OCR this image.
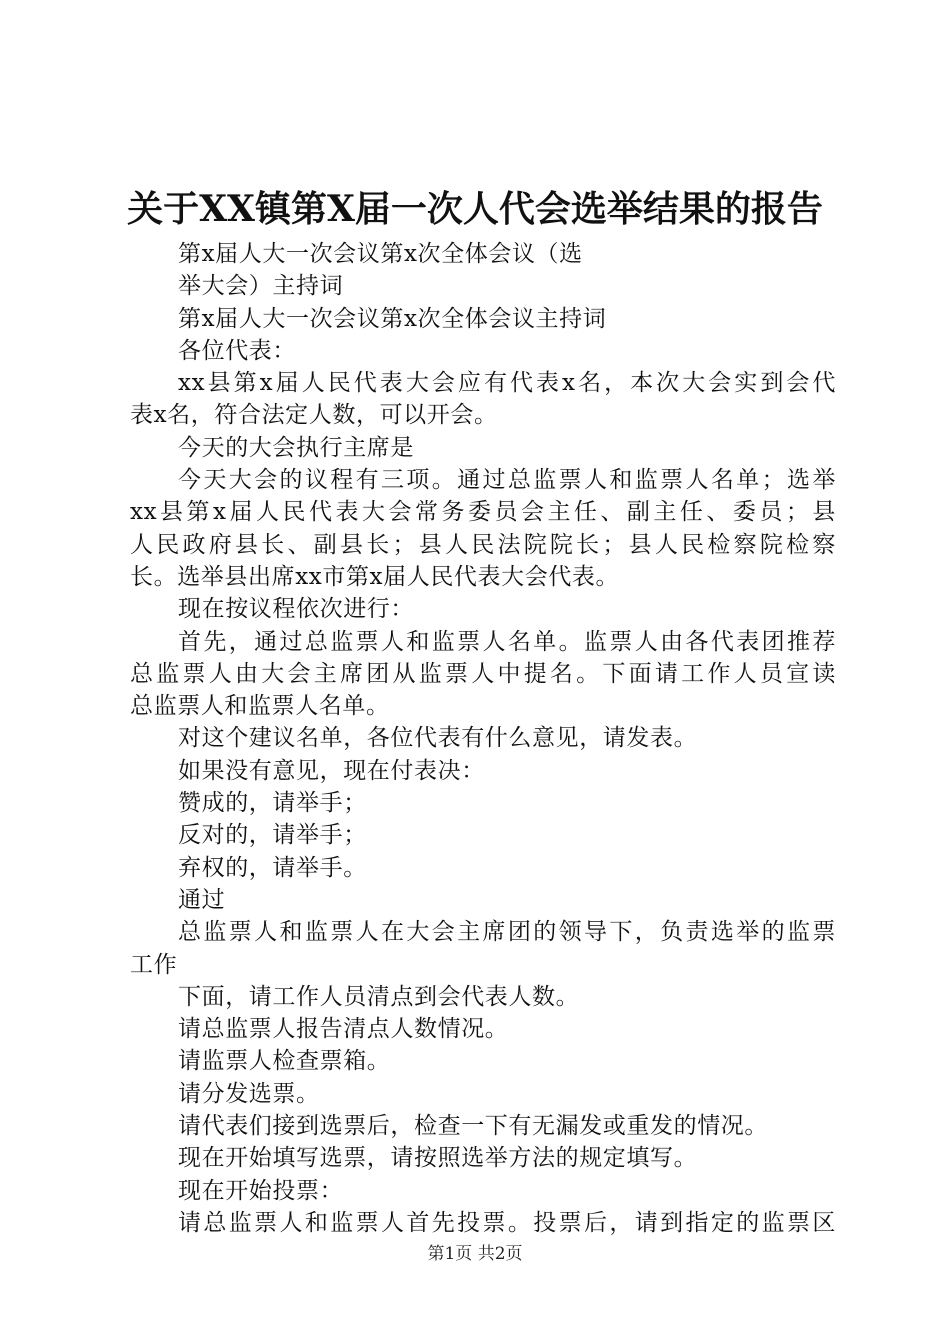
关于XX镇第X届一次人代会选举结果的报告
第x届人大一次会议第x次全体会议（选
举大会）主持词
第x届人大一次会议第x次全体会议主持词
各位代表：
xx县第x届人民代表大会应有代表x名，本次大会实到会代
表x名，符合法定人数，可以开会。
今天的大会执行主席是
今天大会的议程有三项。通过总监票人和监票人名单；选举
xx县第x届人民代表大会常务委员会主任、副主任、委员；县
人民政府县长、副县长；县人民法院院长；县人民检察院检察
长。选举县出席xx市第x届人民代表大会代表。
现在按议程依次进行：
首先，通过总监票人和监票人名单。监票人由各代表团推荐
总监票人由大会主席团从监票人中提名。下面请工作人员宣读
总监票人和监票人名单。
对这个建议名单，各位代表有什么意见，请发表。
如果没有意见，现在付表决：
赞成的，请举手；
反对的，请举手；
弃权的，请举手。
通过
总监票人和监票人在大会主席团的领导下，负责选举的监票
工作
下面，请工作人员清点到会代表人数。
请总监票人报告清点人数情况。
请监票人检查票箱。
请分发选票。
请代表们接到选票后，检查一下有无漏发或重发的情况。
现在开始填写选票，请按照选举方法的规定填写。
现在开始投票：
请总监票人和监票人首先投票。投票后，请到指定的监票区
第1页 共2页
